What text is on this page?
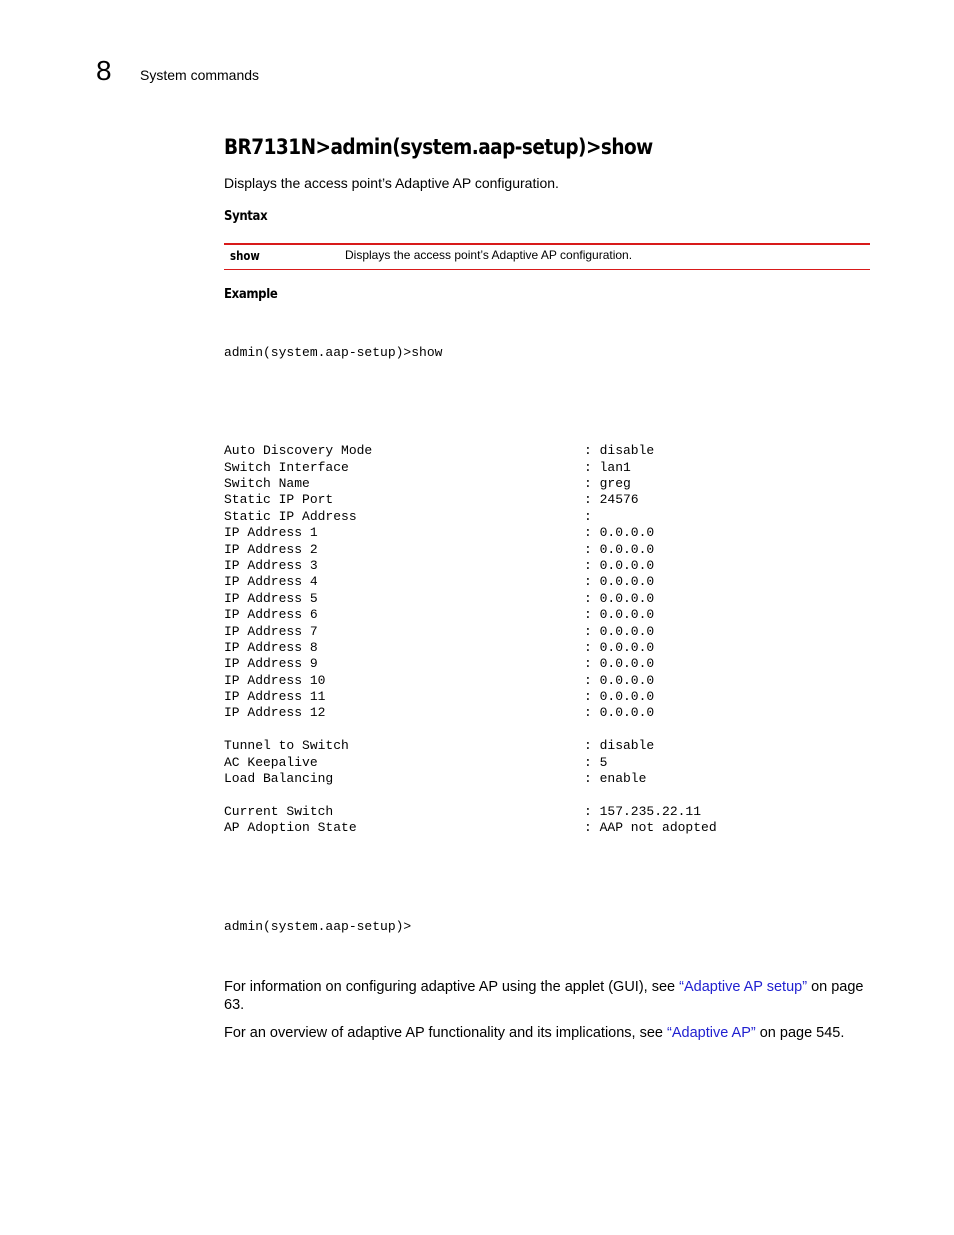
8 System commands
BR7131N>admin(system.aap-setup)>show

Displays the access point’s Adaptive AP configuration.

Syntax
show	Displays the access point’s Adaptive AP configuration.
Example

admin(system.aap-setup)>show

Auto Discovery Mode	: disable
Switch Interface	: lan1
Switch Name	: greg
Static IP Port	: 24576
Static IP Address	:
IP Address 1	: 0.0.0.0
IP Address 2	: 0.0.0.0
IP Address 3	: 0.0.0.0
IP Address 4	: 0.0.0.0
IP Address 5	: 0.0.0.0
IP Address 6	: 0.0.0.0
IP Address 7	: 0.0.0.0
IP Address 8	: 0.0.0.0
IP Address 9	: 0.0.0.0
IP Address 10	: 0.0.0.0
IP Address 11	: 0.0.0.0
IP Address 12	: 0.0.0.0
Tunnel to Switch	: disable
AC Keepalive	: 5
Load Balancing	: enable
Current Switch	: 157.235.22.11
AP Adoption State	: AAP not adopted

admin(system.aap-setup)>

For information on configuring adaptive AP using the applet (GUI), see “Adaptive AP setup” on page 63.

For an overview of adaptive AP functionality and its implications, see “Adaptive AP” on page 545.
